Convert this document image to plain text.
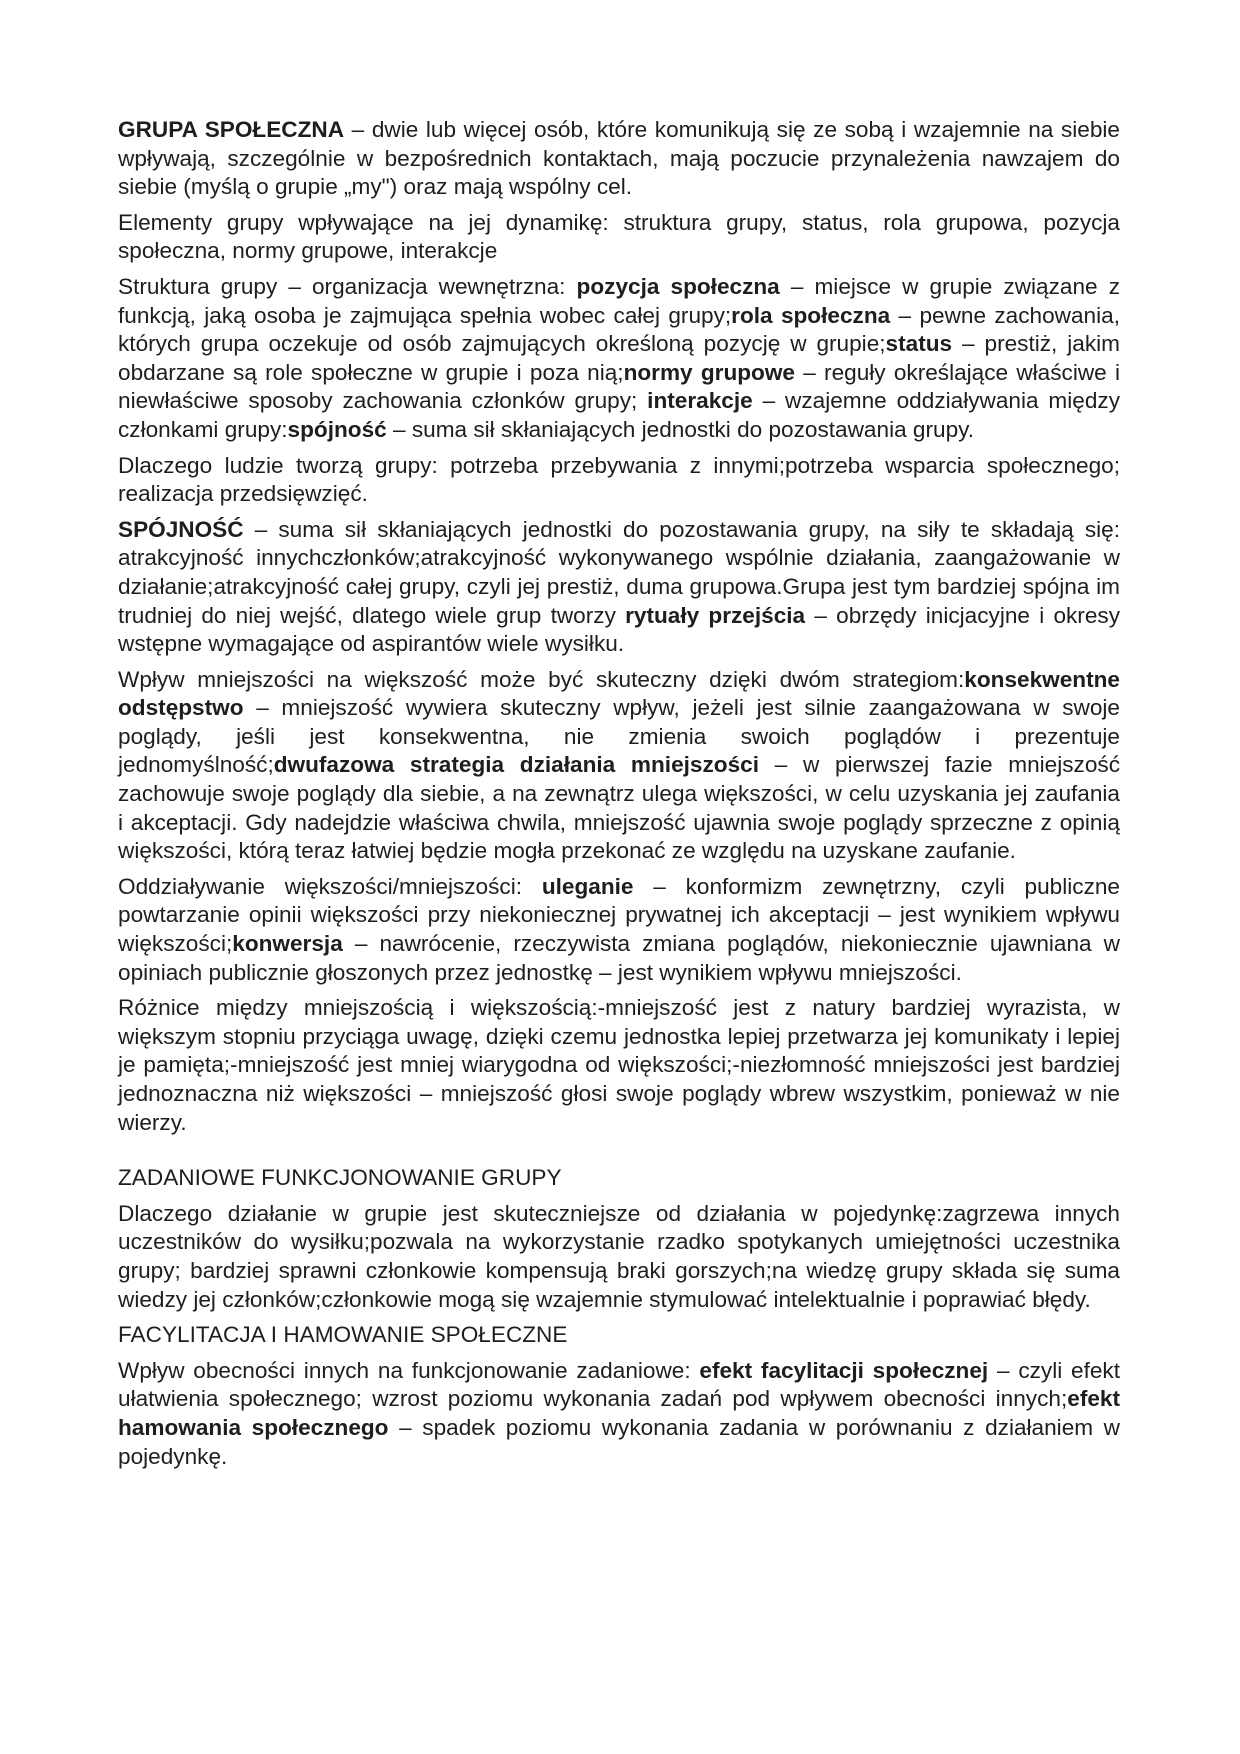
GRUPA SPOŁECZNA – dwie lub więcej osób, które komunikują się ze sobą i wzajemnie na siebie wpływają, szczególnie w bezpośrednich kontaktach, mają poczucie przynależenia nawzajem do siebie (myślą o grupie „my") oraz mają wspólny cel.

Elementy grupy wpływające na jej dynamikę: struktura grupy, status, rola grupowa, pozycja społeczna, normy grupowe, interakcje

Struktura grupy – organizacja wewnętrzna: pozycja społeczna – miejsce w grupie związane z funkcją, jaką osoba je zajmująca spełnia wobec całej grupy;rola społeczna – pewne zachowania, których grupa oczekuje od osób zajmujących określoną pozycję w grupie;status – prestiż, jakim obdarzane są role społeczne w grupie i poza nią;normy grupowe – reguły określające właściwe i niewłaściwe sposoby zachowania członków grupy; interakcje – wzajemne oddziaływania między członkami grupy:spójność – suma sił skłaniających jednostki do pozostawania grupy.

Dlaczego ludzie tworzą grupy: potrzeba przebywania z innymi;potrzeba wsparcia społecznego; realizacja przedsięwzięć.

SPÓJNOŚĆ – suma sił skłaniających jednostki do pozostawania grupy, na siły te składają się: atrakcyjność innychczłonków;atrakcyjność wykonywanego wspólnie działania, zaangażowanie w działanie;atrakcyjność całej grupy, czyli jej prestiż, duma grupowa.Grupa jest tym bardziej spójna im trudniej do niej wejść, dlatego wiele grup tworzy rytuały przejścia – obrzędy inicjacyjne i okresy wstępne wymagające od aspirantów wiele wysiłku.

Wpływ mniejszości na większość może być skuteczny dzięki dwóm strategiom:konsekwentne odstępstwo – mniejszość wywiera skuteczny wpływ, jeżeli jest silnie zaangażowana w swoje poglądy, jeśli jest konsekwentna, nie zmienia swoich poglądów i prezentuje jednomyślność;dwufazowa strategia działania mniejszości – w pierwszej fazie mniejszość zachowuje swoje poglądy dla siebie, a na zewnątrz ulega większości, w celu uzyskania jej zaufania i akceptacji. Gdy nadejdzie właściwa chwila, mniejszość ujawnia swoje poglądy sprzeczne z opinią większości, którą teraz łatwiej będzie mogła przekonać ze względu na uzyskane zaufanie.

Oddziaływanie większości/mniejszości: uleganie – konformizm zewnętrzny, czyli publiczne powtarzanie opinii większości przy niekoniecznej prywatnej ich akceptacji – jest wynikiem wpływu większości;konwersja – nawrócenie, rzeczywista zmiana poglądów, niekoniecznie ujawniana w opiniach publicznie głoszonych przez jednostkę – jest wynikiem wpływu mniejszości.

Różnice między mniejszością i większością:-mniejszość jest z natury bardziej wyrazista, w większym stopniu przyciąga uwagę, dzięki czemu jednostka lepiej przetwarza jej komunikaty i lepiej je pamięta;-mniejszość jest mniej wiarygodna od większości;-niezłomność mniejszości jest bardziej jednoznaczna niż większości – mniejszość głosi swoje poglądy wbrew wszystkim, ponieważ w nie wierzy.

ZADANIOWE FUNKCJONOWANIE GRUPY

Dlaczego działanie w grupie jest skuteczniejsze od działania w pojedynkę:zagrzewa innych uczestników do wysiłku;pozwala na wykorzystanie rzadko spotykanych umiejętności uczestnika grupy; bardziej sprawni członkowie kompensują braki gorszych;na wiedzę grupy składa się suma wiedzy jej członków;członkowie mogą się wzajemnie stymulować intelektualnie i poprawiać błędy.

FACYLITACJA I HAMOWANIE SPOŁECZNE

Wpływ obecności innych na funkcjonowanie zadaniowe: efekt facylitacji społecznej – czyli efekt ułatwienia społecznego; wzrost poziomu wykonania zadań pod wpływem obecności innych;efekt hamowania społecznego – spadek poziomu wykonania zadania w porównaniu z działaniem w pojedynkę.
